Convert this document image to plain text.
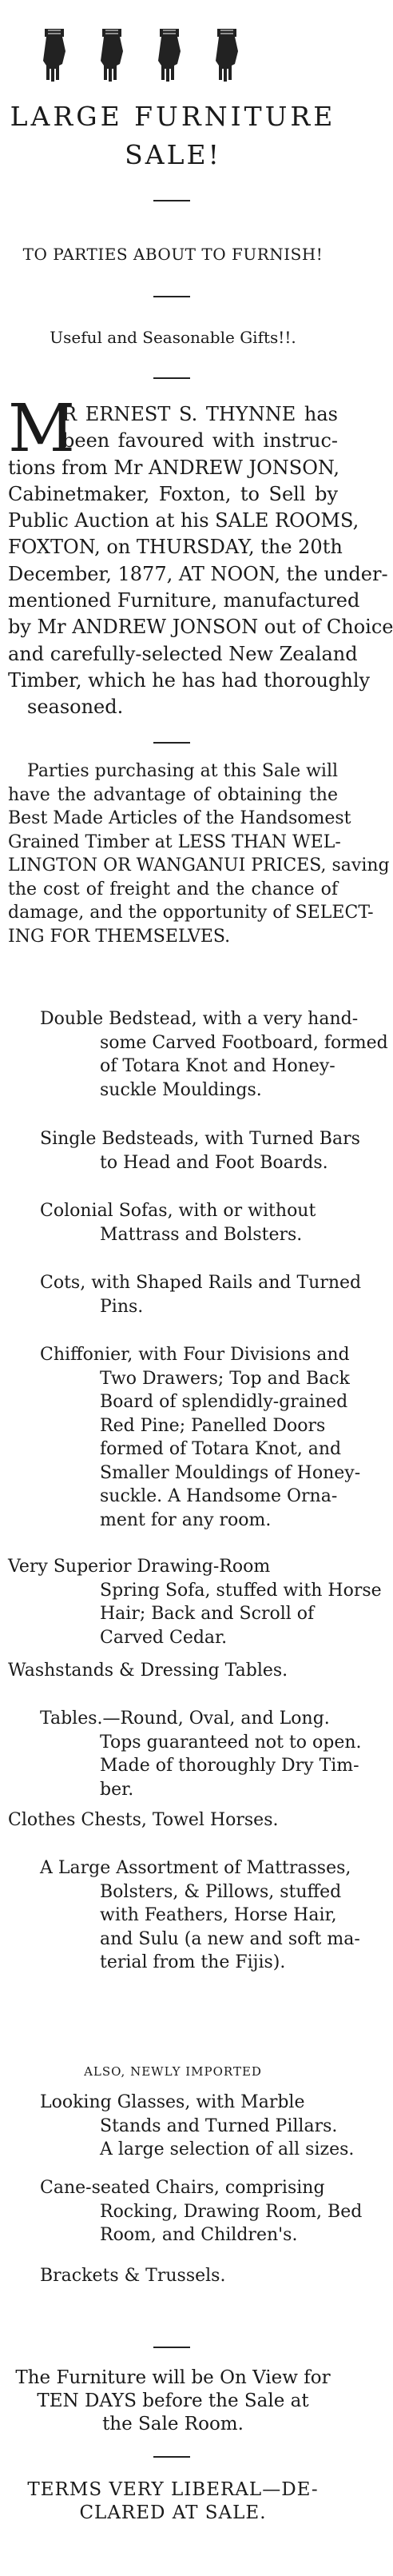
LARGE FURNITURE
SALE!
TO PARTIES ABOUT TO FURNISH!
Useful and Seasonable Gifts!!.
M
R ERNEST S. THYNNE has
been favoured with instruc-
tions from Mr ANDREW JONSON,
Cabinetmaker, Foxton, to Sell by
Public Auction at his SALE ROOMS,
FOXTON, on THURSDAY, the 20th
December, 1877, AT NOON, the under-
mentioned Furniture, manufactured
by Mr ANDREW JONSON out of Choice
and carefully-selected New Zealand
Timber, which he has had thoroughly
seasoned.
Parties purchasing at this Sale will
have the advantage of obtaining the
Best Made Articles of the Handsomest
Grained Timber at LESS THAN WEL-
LINGTON OR WANGANUI PRICES, saving
the cost of freight and the chance of
damage, and the opportunity of SELECT-
ING FOR THEMSELVES.
Double Bedstead, with a very hand-
some Carved Footboard, formed
of Totara Knot and Honey-
suckle Mouldings.
Single Bedsteads, with Turned Bars
to Head and Foot Boards.
Colonial Sofas, with or without
Mattrass and Bolsters.
Cots, with Shaped Rails and Turned
Pins.
Chiffonier, with Four Divisions and
Two Drawers; Top and Back
Board of splendidly-grained
Red Pine; Panelled Doors
formed of Totara Knot, and
Smaller Mouldings of Honey-
suckle. A Handsome Orna-
ment for any room.
Very Superior Drawing-Room
Spring Sofa, stuffed with Horse
Hair; Back and Scroll of
Carved Cedar.
Washstands & Dressing Tables.
Tables.—Round, Oval, and Long.
Tops guaranteed not to open.
Made of thoroughly Dry Tim-
ber.
Clothes Chests, Towel Horses.
A Large Assortment of Mattrasses,
Bolsters, & Pillows, stuffed
with Feathers, Horse Hair,
and Sulu (a new and soft ma-
terial from the Fijis).
ALSO, NEWLY IMPORTED
Looking Glasses, with Marble
Stands and Turned Pillars.
A large selection of all sizes.
Cane-seated Chairs, comprising
Rocking, Drawing Room, Bed
Room, and Children's.
Brackets & Trussels.
The Furniture will be On View for
TEN DAYS before the Sale at
the Sale Room.
TERMS VERY LIBERAL—DE-
CLARED AT SALE.
